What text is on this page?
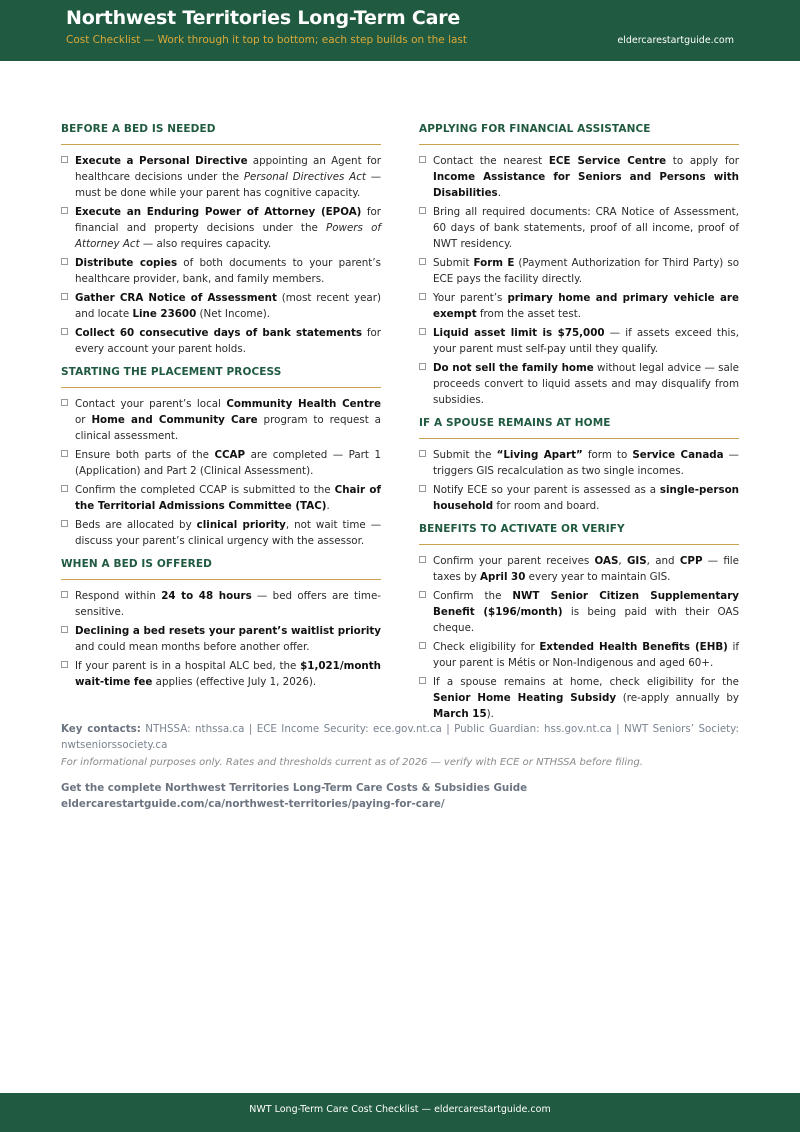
Northwest Territories Long-Term Care
Cost Checklist — Work through it top to bottom; each step builds on the last	eldercarestartguide.com
BEFORE A BED IS NEEDED
Execute a Personal Directive appointing an Agent for healthcare decisions under the Personal Directives Act — must be done while your parent has cognitive capacity.
Execute an Enduring Power of Attorney (EPOA) for financial and property decisions under the Powers of Attorney Act — also requires capacity.
Distribute copies of both documents to your parent’s healthcare provider, bank, and family members.
Gather CRA Notice of Assessment (most recent year) and locate Line 23600 (Net Income).
Collect 60 consecutive days of bank statements for every account your parent holds.
STARTING THE PLACEMENT PROCESS
Contact your parent’s local Community Health Centre or Home and Community Care program to request a clinical assessment.
Ensure both parts of the CCAP are completed — Part 1 (Application) and Part 2 (Clinical Assessment).
Confirm the completed CCAP is submitted to the Chair of the Territorial Admissions Committee (TAC).
Beds are allocated by clinical priority, not wait time — discuss your parent’s clinical urgency with the assessor.
WHEN A BED IS OFFERED
Respond within 24 to 48 hours — bed offers are time-sensitive.
Declining a bed resets your parent’s waitlist priority and could mean months before another offer.
If your parent is in a hospital ALC bed, the $1,021/month wait-time fee applies (effective July 1, 2026).
APPLYING FOR FINANCIAL ASSISTANCE
Contact the nearest ECE Service Centre to apply for Income Assistance for Seniors and Persons with Disabilities.
Bring all required documents: CRA Notice of Assessment, 60 days of bank statements, proof of all income, proof of NWT residency.
Submit Form E (Payment Authorization for Third Party) so ECE pays the facility directly.
Your parent’s primary home and primary vehicle are exempt from the asset test.
Liquid asset limit is $75,000 — if assets exceed this, your parent must self-pay until they qualify.
Do not sell the family home without legal advice — sale proceeds convert to liquid assets and may disqualify from subsidies.
IF A SPOUSE REMAINS AT HOME
Submit the “Living Apart” form to Service Canada — triggers GIS recalculation as two single incomes.
Notify ECE so your parent is assessed as a single-person household for room and board.
BENEFITS TO ACTIVATE OR VERIFY
Confirm your parent receives OAS, GIS, and CPP — file taxes by April 30 every year to maintain GIS.
Confirm the NWT Senior Citizen Supplementary Benefit ($196/month) is being paid with their OAS cheque.
Check eligibility for Extended Health Benefits (EHB) if your parent is Métis or Non-Indigenous and aged 60+.
If a spouse remains at home, check eligibility for the Senior Home Heating Subsidy (re-apply annually by March 15).
Key contacts: NTHSSA: nthssa.ca | ECE Income Security: ece.gov.nt.ca | Public Guardian: hss.gov.nt.ca | NWT Seniors’ Society: nwtseniorssociety.ca
For informational purposes only. Rates and thresholds current as of 2026 — verify with ECE or NTHSSA before filing.
Get the complete Northwest Territories Long-Term Care Costs & Subsidies Guide
eldercarestartguide.com/ca/northwest-territories/paying-for-care/
NWT Long-Term Care Cost Checklist — eldercarestartguide.com
